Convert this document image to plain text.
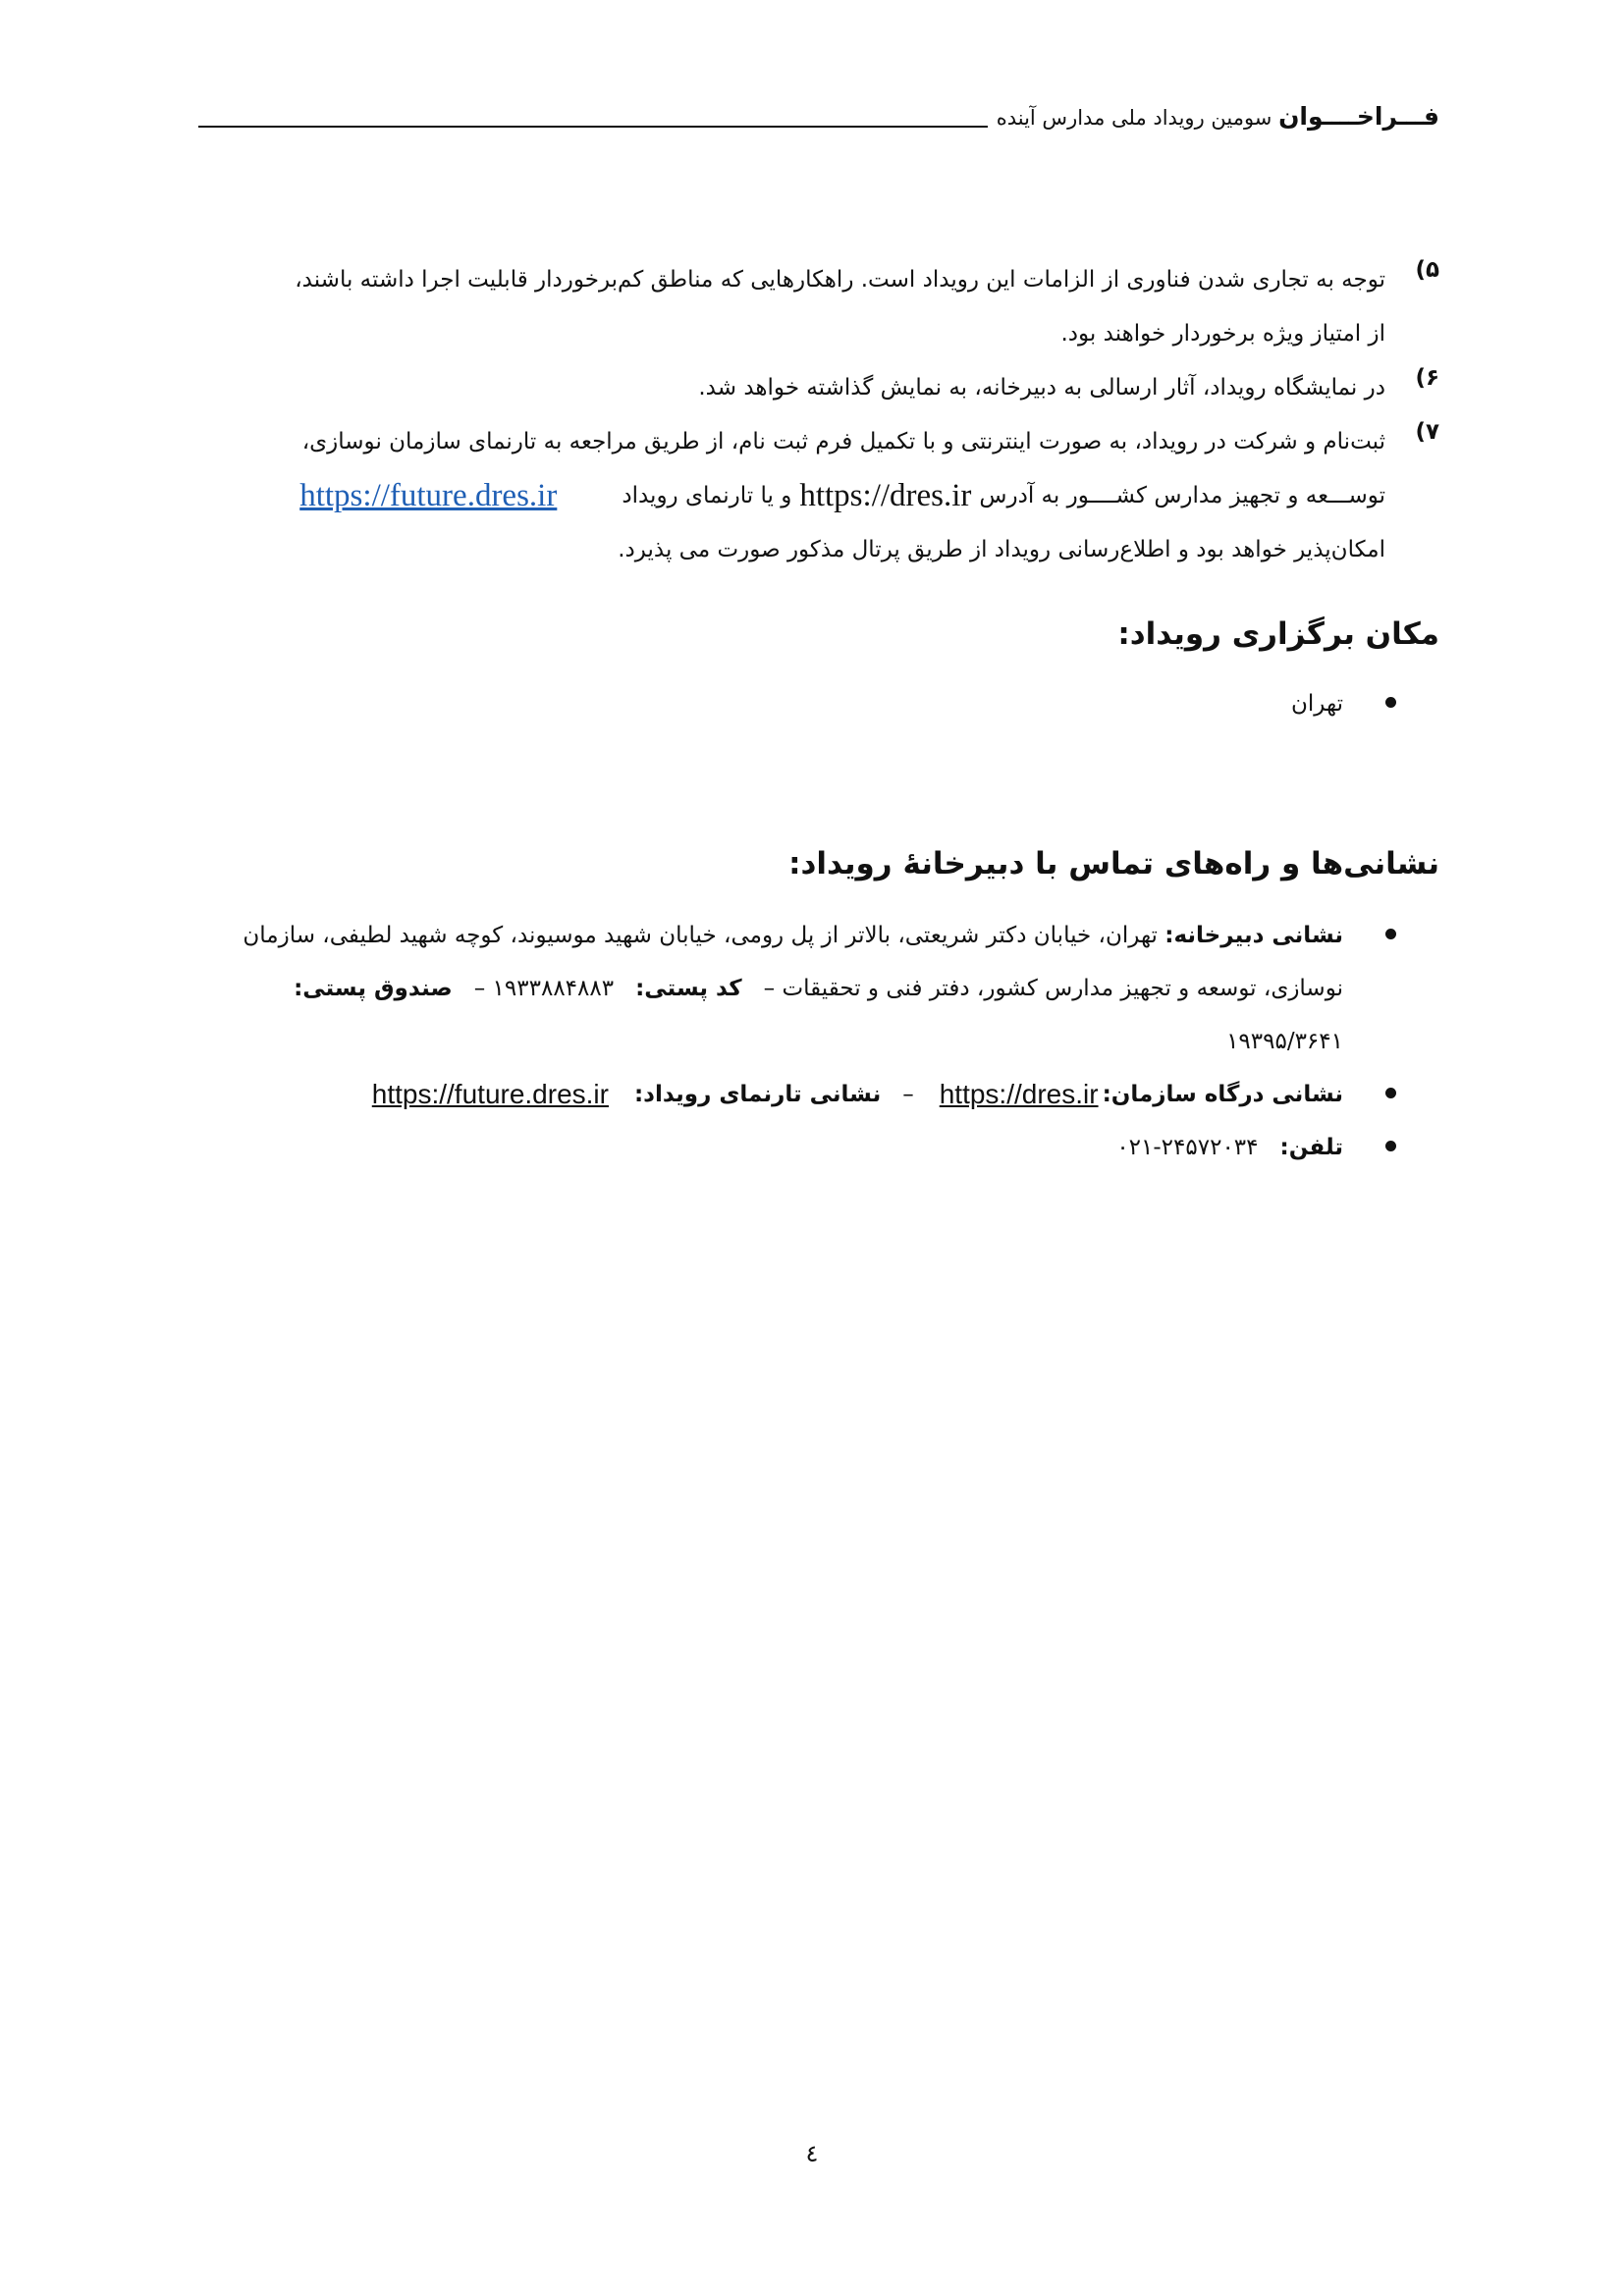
فـــراخــــوان سومین رویداد ملی مدارس آینده
۵)
توجه به تجاری شدن فناوری از الزامات این رویداد است. راهکارهایی که مناطق کم‌برخوردار قابلیت اجرا داشته باشند،
از امتیاز ویژه برخوردار خواهند بود.
۶)
در نمایشگاه رویداد، آثار ارسالی به دبیرخانه، به نمایش گذاشته خواهد شد.
۷)
ثبت‌نام و شرکت در رویداد، به صورت اینترنتی و با تکمیل فرم ثبت نام، از طریق مراجعه به تارنمای سازمان نوسازی،
توســـعه و تجهیز مدارس کشــــور به آدرس
https://dres.ir
و یا تارنمای رویداد
https://future.dres.ir
امکان‌پذیر خواهد بود و اطلاع‌رسانی رویداد از طریق پرتال مذکور صورت می پذیرد.
مکان برگزاری رویداد:
تهران
نشانی‌ها و راه‌های تماس با دبیرخانۀ رویداد:
نشانی دبیرخانه: تهران، خیابان دکتر شریعتی، بالاتر از پل رومی، خیابان شهید موسیوند، کوچه شهید لطیفی، سازمان
نوسازی، توسعه و تجهیز مدارس کشور، دفتر فنی و تحقیقات –
کد پستی:
۱۹۳۳۸۸۴۸۸۳ –
صندوق پستی:
۱۹۳۹۵/۳۶۴۱
نشانی درگاه سازمان:
https://dres.ir
–
نشانی تارنمای رویداد:
https://future.dres.ir
تلفن:
۰۲۱-۲۴۵۷۲۰۳۴
٤
